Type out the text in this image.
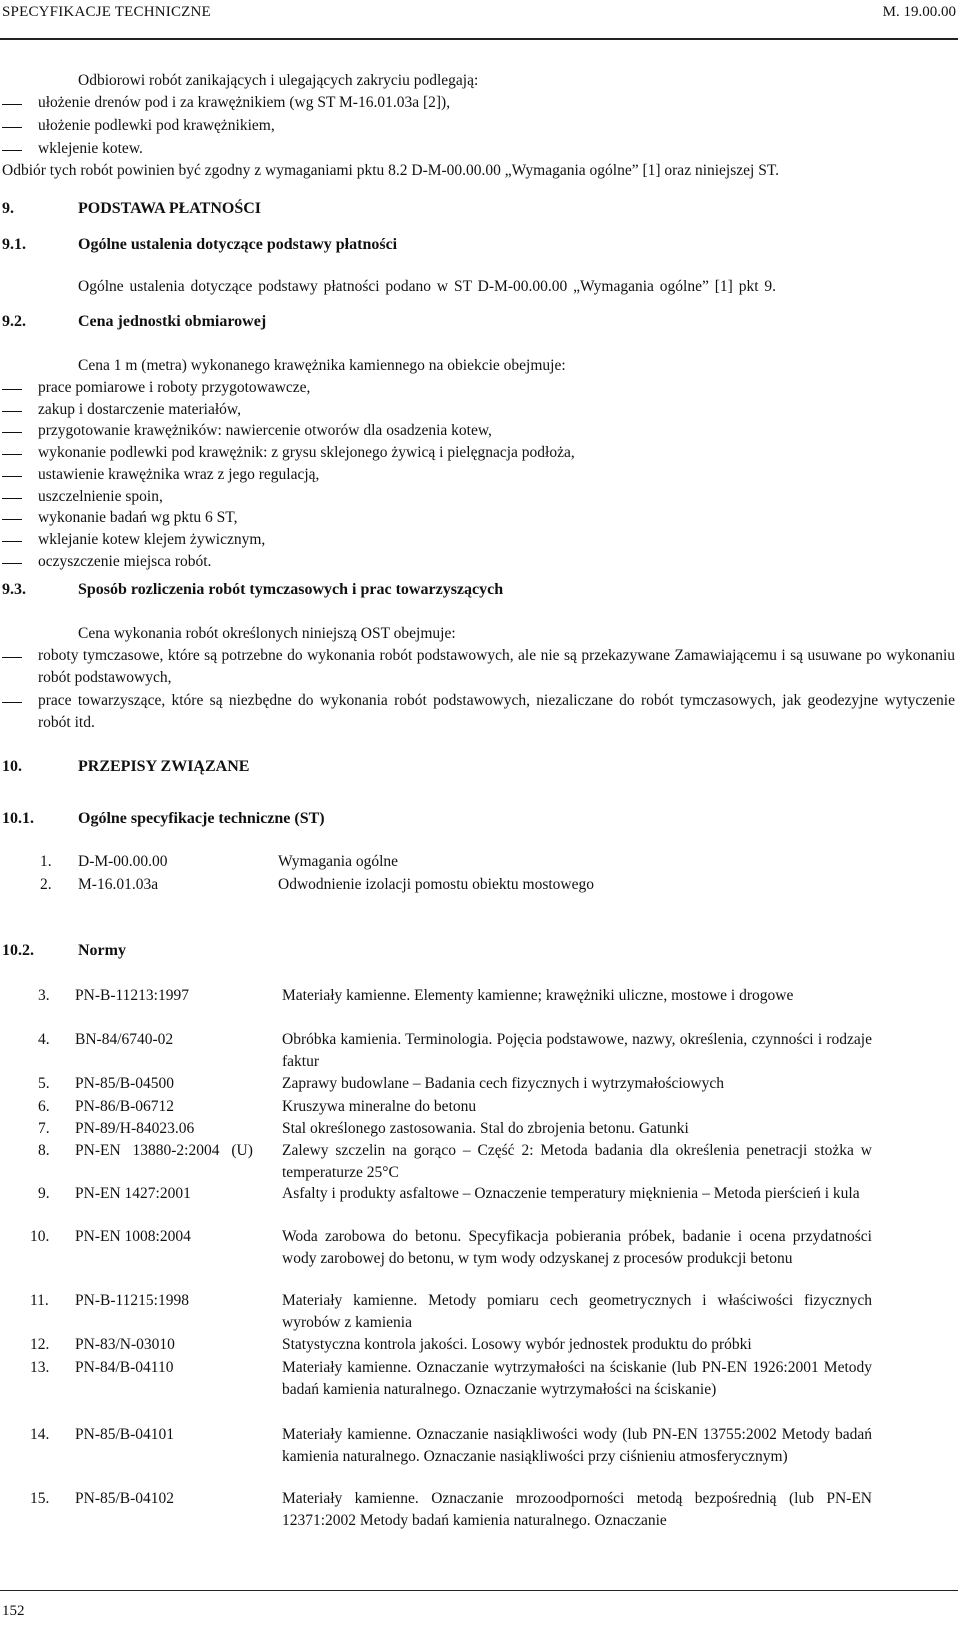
SPECYFIKACJE TECHNICZNE	M. 19.00.00
Odbiorowi robót zanikających i ulegających zakryciu podlegają:
ułożenie drenów pod i za krawężnikiem (wg ST M-16.01.03a [2]),
ułożenie podlewki pod krawężnikiem,
wklejenie kotew.
Odbiór tych robót powinien być zgodny z wymaganiami pktu 8.2 D-M-00.00.00 „Wymagania ogólne” [1] oraz niniejszej ST.
9.	PODSTAWA PŁATNOŚCI
9.1.	Ogólne ustalenia dotyczące podstawy płatności
Ogólne ustalenia dotyczące podstawy płatności podano w ST D-M-00.00.00 „Wymagania ogólne” [1] pkt 9.
9.2.	Cena jednostki obmiarowej
Cena 1 m (metra) wykonanego krawężnika kamiennego na obiekcie obejmuje:
prace pomiarowe i roboty przygotowawcze,
zakup i dostarczenie materiałów,
przygotowanie krawężników: nawiercenie otworów dla osadzenia kotew,
wykonanie podlewki pod krawężnik: z grysu sklejonego żywicą i pielęgnacja podłoża,
ustawienie krawężnika wraz z jego regulacją,
uszczelnienie spoin,
wykonanie badań wg pktu 6 ST,
wklejanie kotew klejem żywicznym,
oczyszczenie miejsca robót.
9.3.	Sposób rozliczenia robót tymczasowych i prac towarzyszących
Cena wykonania robót określonych niniejszą OST obejmuje:
roboty tymczasowe, które są potrzebne do wykonania robót podstawowych, ale nie są przekazywane Zamawiającemu i są usuwane po wykonaniu robót podstawowych,
prace towarzyszące, które są niezbędne do wykonania robót podstawowych, niezaliczane do robót tymczasowych, jak geodezyjne wytyczenie robót itd.
10.	PRZEPISY ZWIĄZANE
10.1.	Ogólne specyfikacje techniczne (ST)
1. D-M-00.00.00	Wymagania ogólne
2. M-16.01.03a	Odwodnienie izolacji pomostu obiektu mostowego
10.2.	Normy
3. PN-B-11213:1997	Materiały kamienne. Elementy kamienne; krawężniki uliczne, mostowe i drogowe
4. BN-84/6740-02	Obróbka kamienia. Terminologia. Pojęcia podstawowe, nazwy, określenia, czynności i rodzaje faktur
5. PN-85/B-04500	Zaprawy budowlane – Badania cech fizycznych i wytrzymałościowych
6. PN-86/B-06712	Kruszywa mineralne do betonu
7. PN-89/H-84023.06	Stal określonego zastosowania. Stal do zbrojenia betonu. Gatunki
8. PN-EN 13880-2:2004 (U)	Zalewy szczelin na gorąco – Część 2: Metoda badania dla określenia penetracji stożka w temperaturze 25°C
9. PN-EN 1427:2001	Asfalty i produkty asfaltowe – Oznaczenie temperatury mięknienia – Metoda pierścień i kula
10. PN-EN 1008:2004	Woda zarobowa do betonu. Specyfikacja pobierania próbek, badanie i ocena przydatności wody zarobowej do betonu, w tym wody odzyskanej z procesów produkcji betonu
11. PN-B-11215:1998	Materiały kamienne. Metody pomiaru cech geometrycznych i właściwości fizycznych wyrobów z kamienia
12. PN-83/N-03010	Statystyczna kontrola jakości. Losowy wybór jednostek produktu do próbki
13. PN-84/B-04110	Materiały kamienne. Oznaczanie wytrzymałości na ściskanie (lub PN-EN 1926:2001 Metody badań kamienia naturalnego. Oznaczanie wytrzymałości na ściskanie)
14. PN-85/B-04101	Materiały kamienne. Oznaczanie nasiąkliwości wody (lub PN-EN 13755:2002 Metody badań kamienia naturalnego. Oznaczanie nasiąkliwości przy ciśnieniu atmosferycznym)
15. PN-85/B-04102	Materiały kamienne. Oznaczanie mrozoodporności metodą bezpośrednią (lub PN-EN 12371:2002 Metody badań kamienia naturalnego. Oznaczanie
152
